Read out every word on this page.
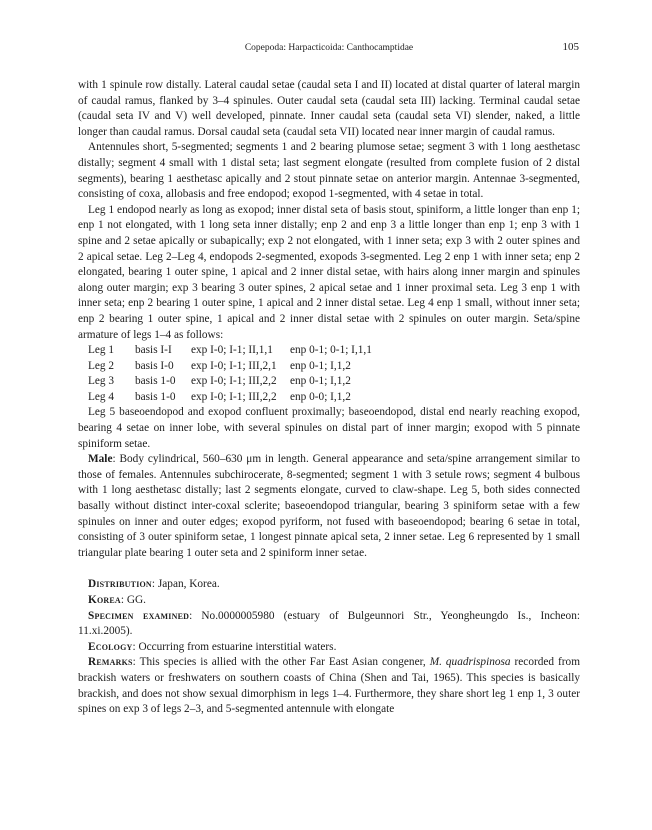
Copepoda: Harpacticoida: Canthocamptidae	105

with 1 spinule row distally. Lateral caudal setae (caudal seta I and II) located at distal quarter of lateral margin of caudal ramus, flanked by 3–4 spinules. Outer caudal seta (caudal seta III) lacking. Terminal caudal setae (caudal seta IV and V) well developed, pinnate. Inner caudal seta (caudal seta VI) slender, naked, a little longer than caudal ramus. Dorsal caudal seta (caudal seta VII) located near inner margin of caudal ramus.

Antennules short, 5-segmented; segments 1 and 2 bearing plumose setae; segment 3 with 1 long aesthetasc distally; segment 4 small with 1 distal seta; last segment elongate (resulted from complete fusion of 2 distal segments), bearing 1 aesthetasc apically and 2 stout pinnate setae on anterior margin. Antennae 3-segmented, consisting of coxa, allobasis and free endopod; exopod 1-segmented, with 4 setae in total.

Leg 1 endopod nearly as long as exopod; inner distal seta of basis stout, spiniform, a little longer than enp 1; enp 1 not elongated, with 1 long seta inner distally; enp 2 and enp 3 a little longer than enp 1; enp 3 with 1 spine and 2 setae apically or subapically; exp 2 not elongated, with 1 inner seta; exp 3 with 2 outer spines and 2 apical setae. Leg 2–Leg 4, endopods 2-segmented, exopods 3-segmented. Leg 2 enp 1 with inner seta; enp 2 elongated, bearing 1 outer spine, 1 apical and 2 inner distal setae, with hairs along inner margin and spinules along outer margin; exp 3 bearing 3 outer spines, 2 apical setae and 1 inner proximal seta. Leg 3 enp 1 with inner seta; enp 2 bearing 1 outer spine, 1 apical and 2 inner distal setae. Leg 4 enp 1 small, without inner seta; enp 2 bearing 1 outer spine, 1 apical and 2 inner distal setae with 2 spinules on outer margin. Seta/spine armature of legs 1–4 as follows:

Leg 1	basis I-I	exp I-0; I-1; II,1,1	enp 0-1; 0-1; I,1,1
Leg 2	basis I-0	exp I-0; I-1; III,2,1	enp 0-1; I,1,2
Leg 3	basis 1-0	exp I-0; I-1; III,2,2	enp 0-1; I,1,2
Leg 4	basis 1-0	exp I-0; I-1; III,2,2	enp 0-0; I,1,2

Leg 5 baseoendopod and exopod confluent proximally; baseoendopod, distal end nearly reaching exopod, bearing 4 setae on inner lobe, with several spinules on distal part of inner margin; exopod with 5 pinnate spiniform setae.

Male: Body cylindrical, 560–630 μm in length. General appearance and seta/spine arrangement similar to those of females. Antennules subchirocerate, 8-segmented; segment 1 with 3 setule rows; segment 4 bulbous with 1 long aesthetasc distally; last 2 segments elongate, curved to claw-shape. Leg 5, both sides connected basally without distinct inter-coxal sclerite; baseoendopod triangular, bearing 3 spiniform setae with a few spinules on inner and outer edges; exopod pyriform, not fused with baseoendopod; bearing 6 setae in total, consisting of 3 outer spiniform setae, 1 longest pinnate apical seta, 2 inner setae. Leg 6 represented by 1 small triangular plate bearing 1 outer seta and 2 spiniform inner setae.

Distribution: Japan, Korea.

Korea: GG.

Specimen examined: No.0000005980 (estuary of Bulgeunnori Str., Yeongheungdo Is., Incheon: 11.xi.2005).

Ecology: Occurring from estuarine interstitial waters.

Remarks: This species is allied with the other Far East Asian congener, M. quadrispinosa recorded from brackish waters or freshwaters on southern coasts of China (Shen and Tai, 1965). This species is basically brackish, and does not show sexual dimorphism in legs 1–4. Furthermore, they share short leg 1 enp 1, 3 outer spines on exp 3 of legs 2–3, and 5-segmented antennule with elongate
